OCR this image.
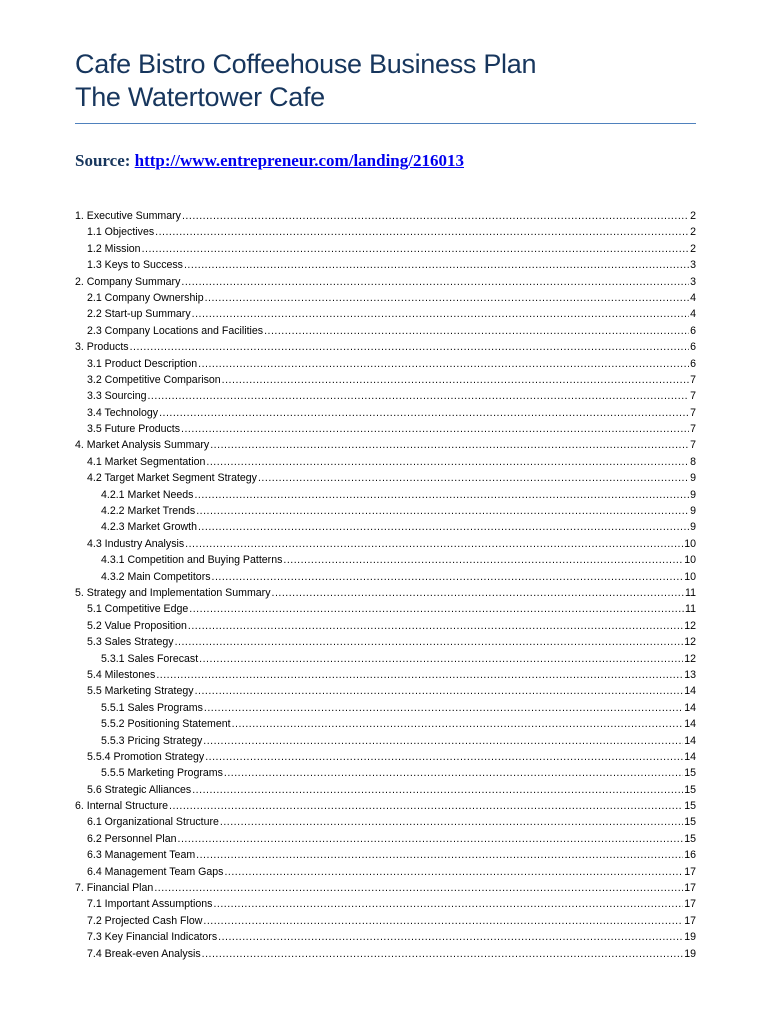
Cafe Bistro Coffeehouse Business Plan
The Watertower Cafe
Source: http://www.entrepreneur.com/landing/216013
1. Executive Summary .....	2
1.1 Objectives .....	2
1.2 Mission .....	2
1.3 Keys to Success .....	3
2. Company Summary .....	3
2.1 Company Ownership .....	4
2.2 Start-up Summary .....	4
2.3 Company Locations and Facilities .....	6
3. Products .....	6
3.1 Product Description .....	6
3.2 Competitive Comparison .....	7
3.3 Sourcing .....	7
3.4 Technology .....	7
3.5 Future Products .....	7
4. Market Analysis Summary .....	7
4.1 Market Segmentation .....	8
4.2 Target Market Segment Strategy .....	9
4.2.1 Market Needs .....	9
4.2.2 Market Trends .....	9
4.2.3 Market Growth .....	9
4.3 Industry Analysis .....	10
4.3.1 Competition and Buying Patterns .....	10
4.3.2 Main Competitors .....	10
5. Strategy and Implementation Summary .....	11
5.1 Competitive Edge .....	11
5.2 Value Proposition .....	12
5.3 Sales Strategy .....	12
5.3.1 Sales Forecast .....	12
5.4 Milestones .....	13
5.5 Marketing Strategy .....	14
5.5.1 Sales Programs .....	14
5.5.2 Positioning Statement .....	14
5.5.3 Pricing Strategy .....	14
5.5.4 Promotion Strategy .....	14
5.5.5 Marketing Programs .....	15
5.6 Strategic Alliances .....	15
6. Internal Structure .....	15
6.1 Organizational Structure .....	15
6.2 Personnel Plan .....	15
6.3 Management Team .....	16
6.4 Management Team Gaps .....	17
7. Financial Plan .....	17
7.1 Important Assumptions .....	17
7.2 Projected Cash Flow .....	17
7.3 Key Financial Indicators .....	19
7.4 Break-even Analysis .....	19
